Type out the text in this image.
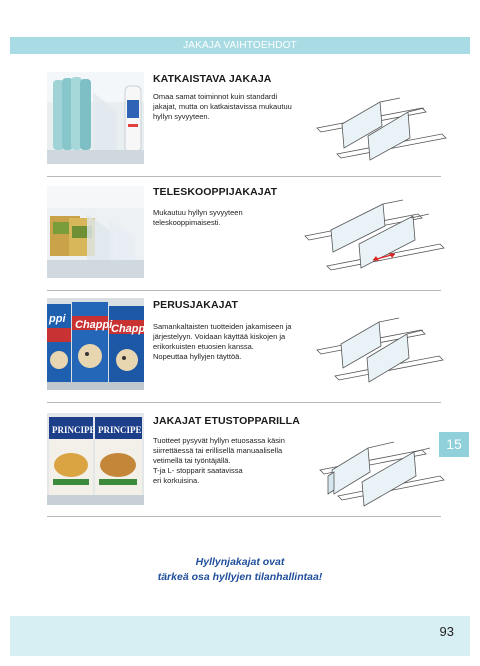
JAKAJA VAIHTOEHDOT
KATKAISTAVA JAKAJA
Omaa samat toiminnot kuin standardi
jakajat, mutta on katkaistavissa mukautuu
hyllyn syvyyteen.
TELESKOOPPIJAKAJAT
Mukautuu hyllyn syvyyteen
teleskooppimaisesti.
ppi Chappi
Chappi
PERUSJAKAJAT
Samankaltaisten tuotteiden jakamiseen ja
järjestelyyn. Voidaan käyttää kiskojen ja
erikorkuisten etuosien kanssa.
Nopeuttaa hyllyjen täyttöä.
PRINCIPE PRINCIPE
JAKAJAT ETUSTOPPARILLA
Tuotteet pysyvät hyllyn etuosassa käsin
siirrettäessä tai erillisellä manuaalisella
vetimellä tai työntäjällä.
T-ja L- stopparit saatavissa
eri korkuisina.
15
Hyllynjakajat ovat
tärkeä osa hyllyjen tilanhallintaa!
93
